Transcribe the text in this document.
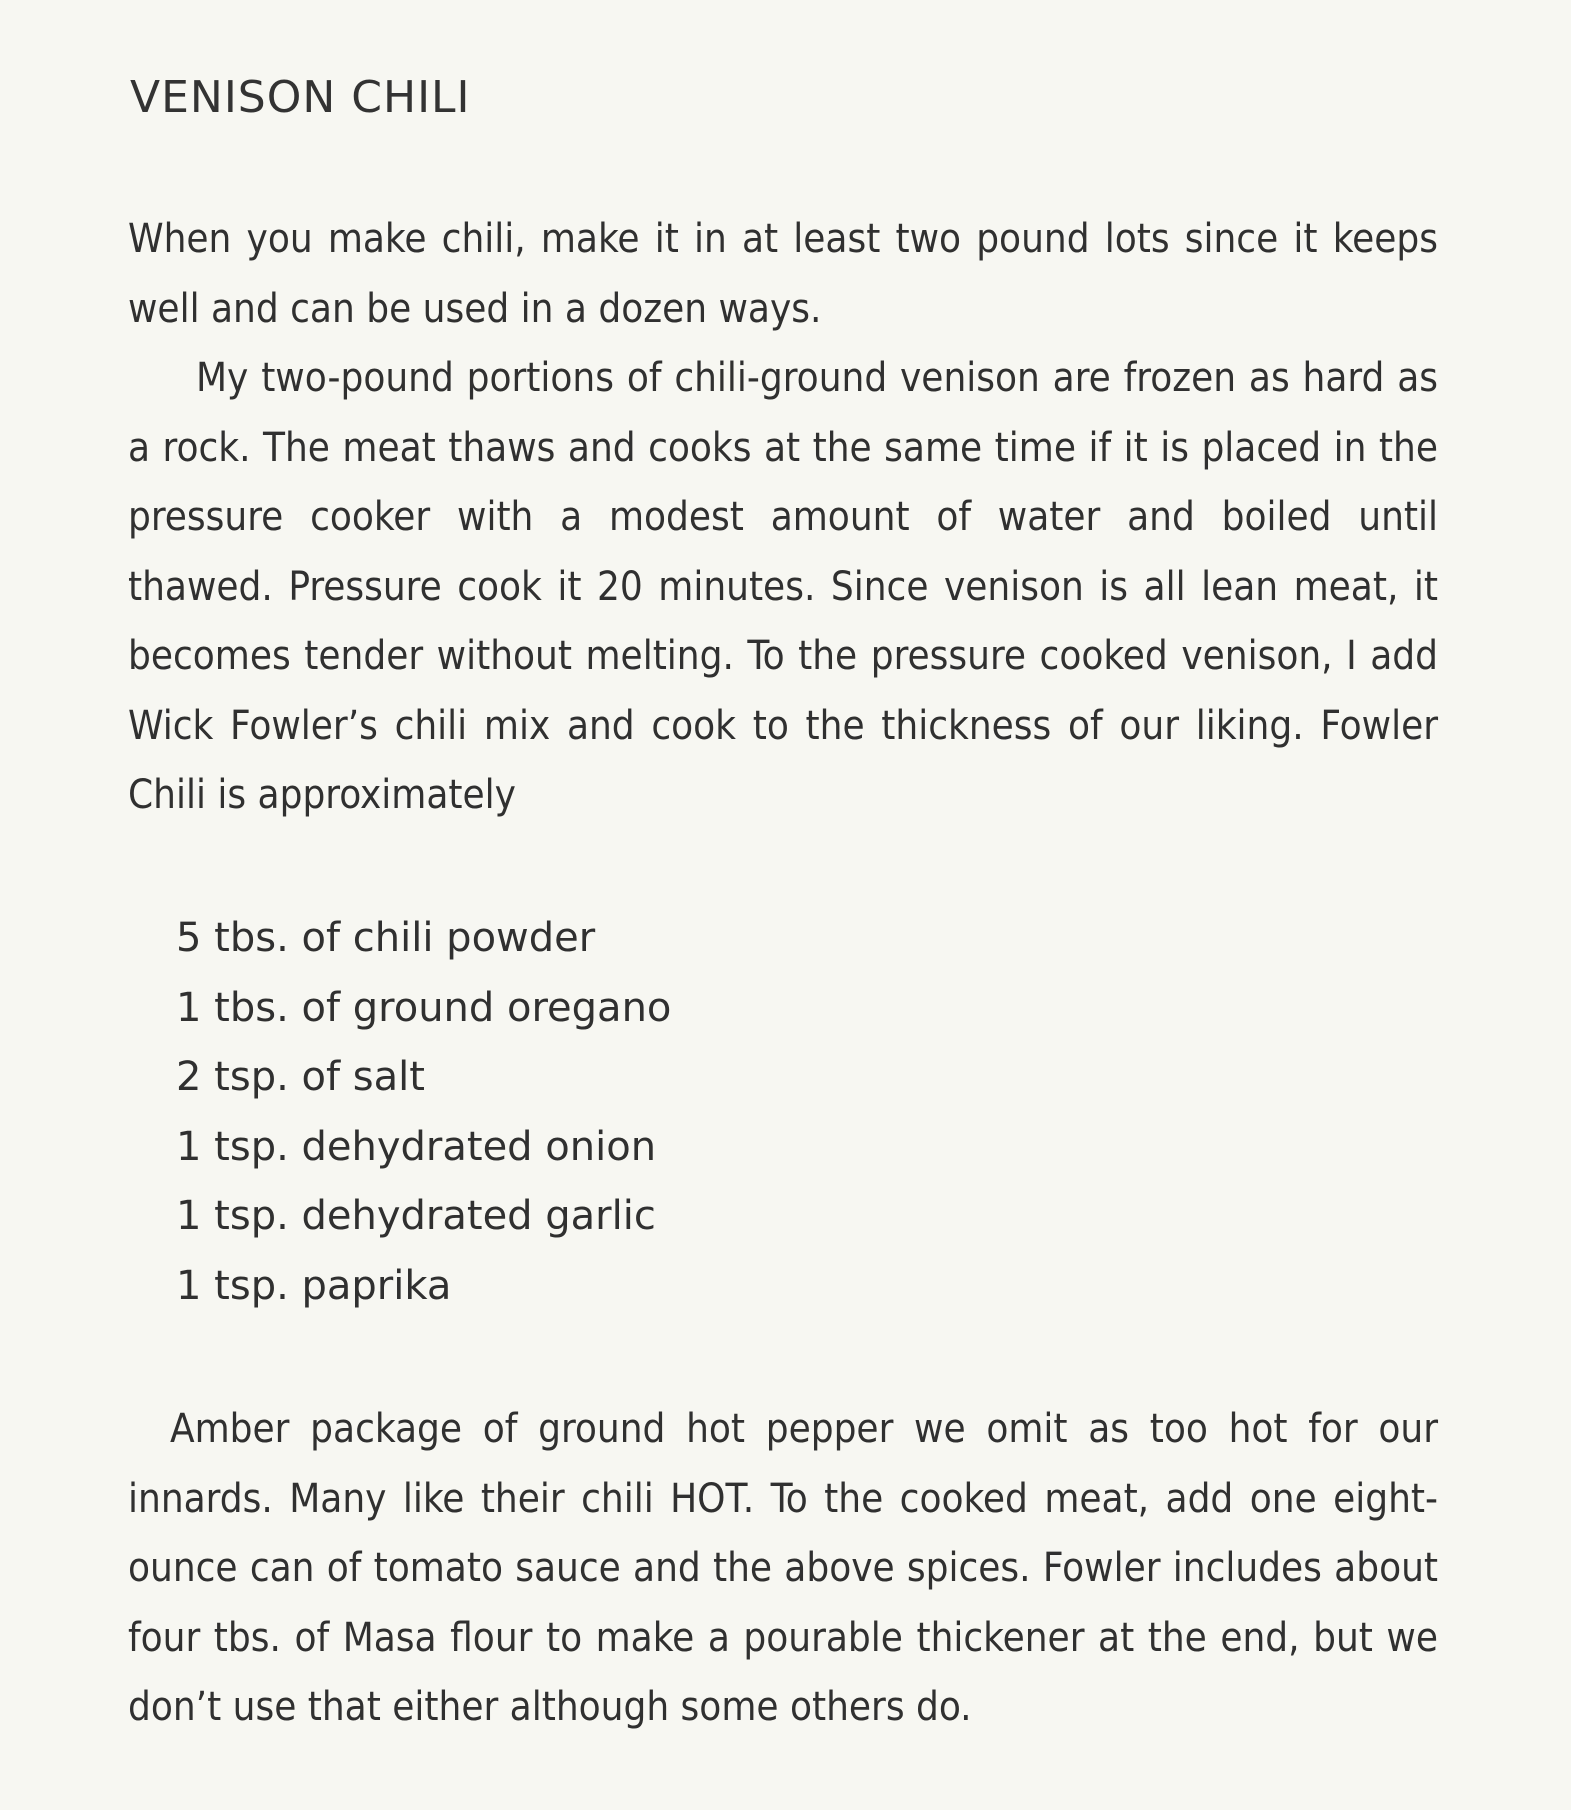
VENISON CHILI
When you make chili, make it in at least two pound lots since it keeps well and can be used in a dozen ways.
My two-pound portions of chili-ground venison are frozen as hard as a rock. The meat thaws and cooks at the same time if it is placed in the pressure cooker with a modest amount of water and boiled until thawed. Pressure cook it 20 minutes. Since venison is all lean meat, it becomes tender without melting. To the pressure cooked venison, I add Wick Fowler’s chili mix and cook to the thickness of our liking. Fowler Chili is approximately
5 tbs. of chili powder
1 tbs. of ground oregano
2 tsp. of salt
1 tsp. dehydrated onion
1 tsp. dehydrated garlic
1 tsp. paprika
Amber package of ground hot pepper we omit as too hot for our innards. Many like their chili HOT. To the cooked meat, add one eight-ounce can of tomato sauce and the above spices. Fowler includes about four tbs. of Masa flour to make a pourable thickener at the end, but we don’t use that either although some others do.
